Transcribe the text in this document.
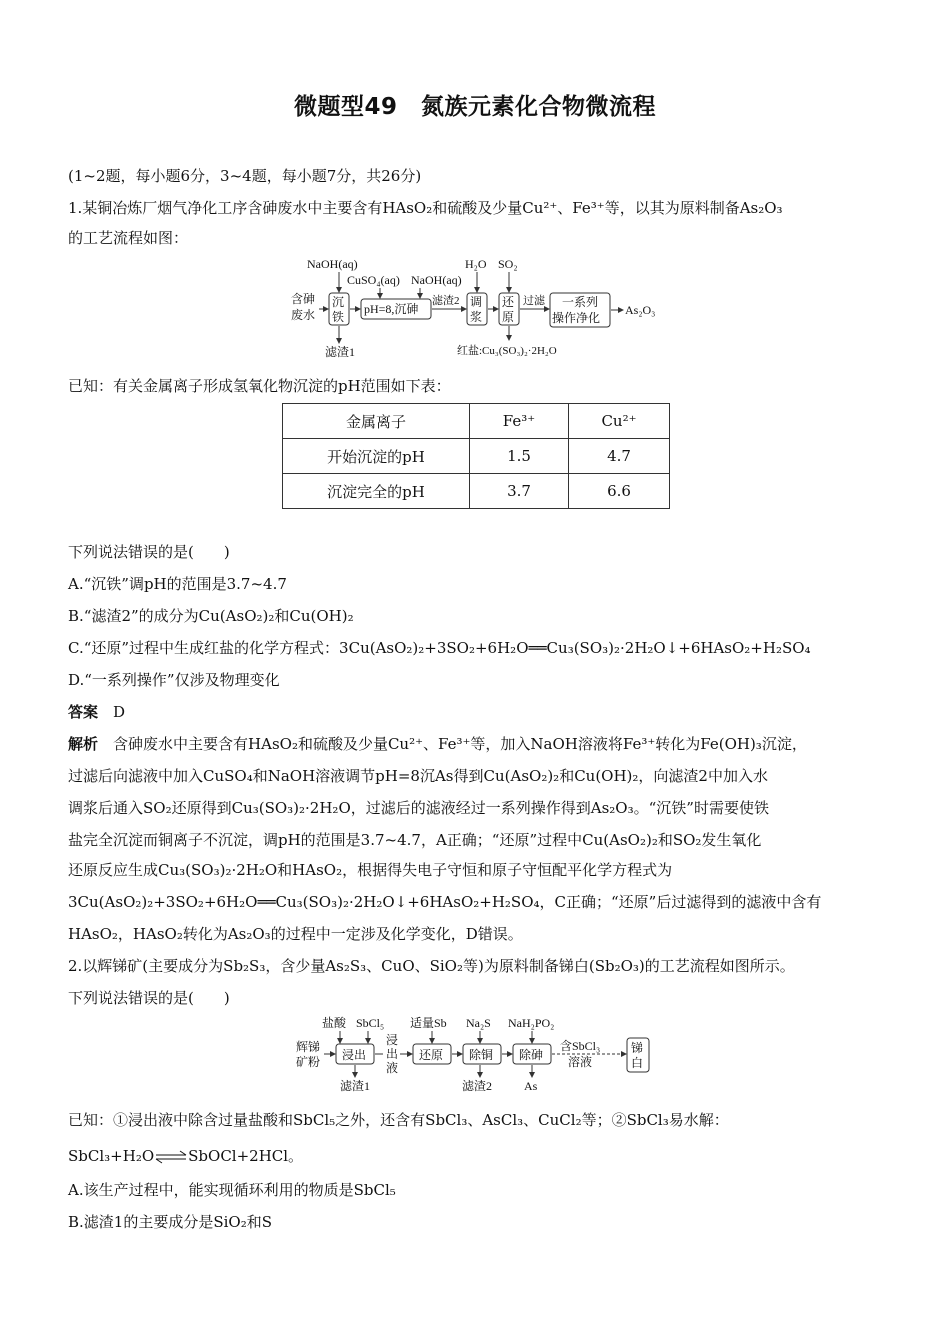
微题型49　氮族元素化合物微流程
(1~2题，每小题6分，3~4题，每小题7分，共26分)
1.某铜冶炼厂烟气净化工序含砷废水中主要含有HAsO₂和硫酸及少量Cu²⁺、Fe³⁺等，以其为原料制备As₂O₃
的工艺流程如图：
NaOH(aq)
CuSO₄(aq) NaOH(aq)
H₂O SO₂
含砷
废水
沉
铁
滤渣1
pH=8,沉砷
滤渣2 调
浆
还
原
红盐:Cu₃(SO₃)₂·2H₂O
过滤 一系列
操作净化
As₂O₃
已知：有关金属离子形成氢氧化物沉淀的pH范围如下表：
金属离子	Fe³⁺	Cu²⁺
开始沉淀的pH	1.5	4.7
沉淀完全的pH	3.7	6.6
下列说法错误的是(　　)
A.“沉铁”调pH的范围是3.7~4.7
B.“滤渣2”的成分为Cu(AsO₂)₂和Cu(OH)₂
C.“还原”过程中生成红盐的化学方程式：3Cu(AsO₂)₂+3SO₂+6H₂O══Cu₃(SO₃)₂·2H₂O↓+6HAsO₂+H₂SO₄
D.“一系列操作”仅涉及物理变化
答案　 D
解析　 含砷废水中主要含有HAsO₂和硫酸及少量Cu²⁺、Fe³⁺等，加入NaOH溶液将Fe³⁺转化为Fe(OH)₃沉淀，
过滤后向滤液中加入CuSO₄和NaOH溶液调节pH=8沉As得到Cu(AsO₂)₂和Cu(OH)₂，向滤渣2中加入水
调浆后通入SO₂还原得到Cu₃(SO₃)₂·2H₂O，过滤后的滤液经过一系列操作得到As₂O₃。“沉铁”时需要使铁
盐完全沉淀而铜离子不沉淀，调pH的范围是3.7~4.7，A正确；“还原”过程中Cu(AsO₂)₂和SO₂发生氧化
还原反应生成Cu₃(SO₃)₂·2H₂O和HAsO₂，根据得失电子守恒和原子守恒配平化学方程式为
3Cu(AsO₂)₂+3SO₂+6H₂O══Cu₃(SO₃)₂·2H₂O↓+6HAsO₂+H₂SO₄，C正确；“还原”后过滤得到的滤液中含有
HAsO₂，HAsO₂转化为As₂O₃的过程中一定涉及化学变化，D错误。
2.以辉锑矿(主要成分为Sb₂S₃，含少量As₂S₃、CuO、SiO₂等)为原料制备锑白(Sb₂O₃)的工艺流程如图所示。
下列说法错误的是(　　)
盐酸 SbCl₅ 适量Sb Na₂S NaH₂PO₂
辉锑
矿粉 浸出
滤渣1
浸
出
液
还原 除铜
滤渣2
除砷
As
含SbCl₃
溶液
锑
白
已知：①浸出液中除含过量盐酸和SbCl₅之外，还含有SbCl₃、AsCl₃、CuCl₂等；②SbCl₃易水解：
SbCl₃+H₂O⇌SbOCl+2HCl。
A.该生产过程中，能实现循环利用的物质是SbCl₅
B.滤渣1的主要成分是SiO₂和S
